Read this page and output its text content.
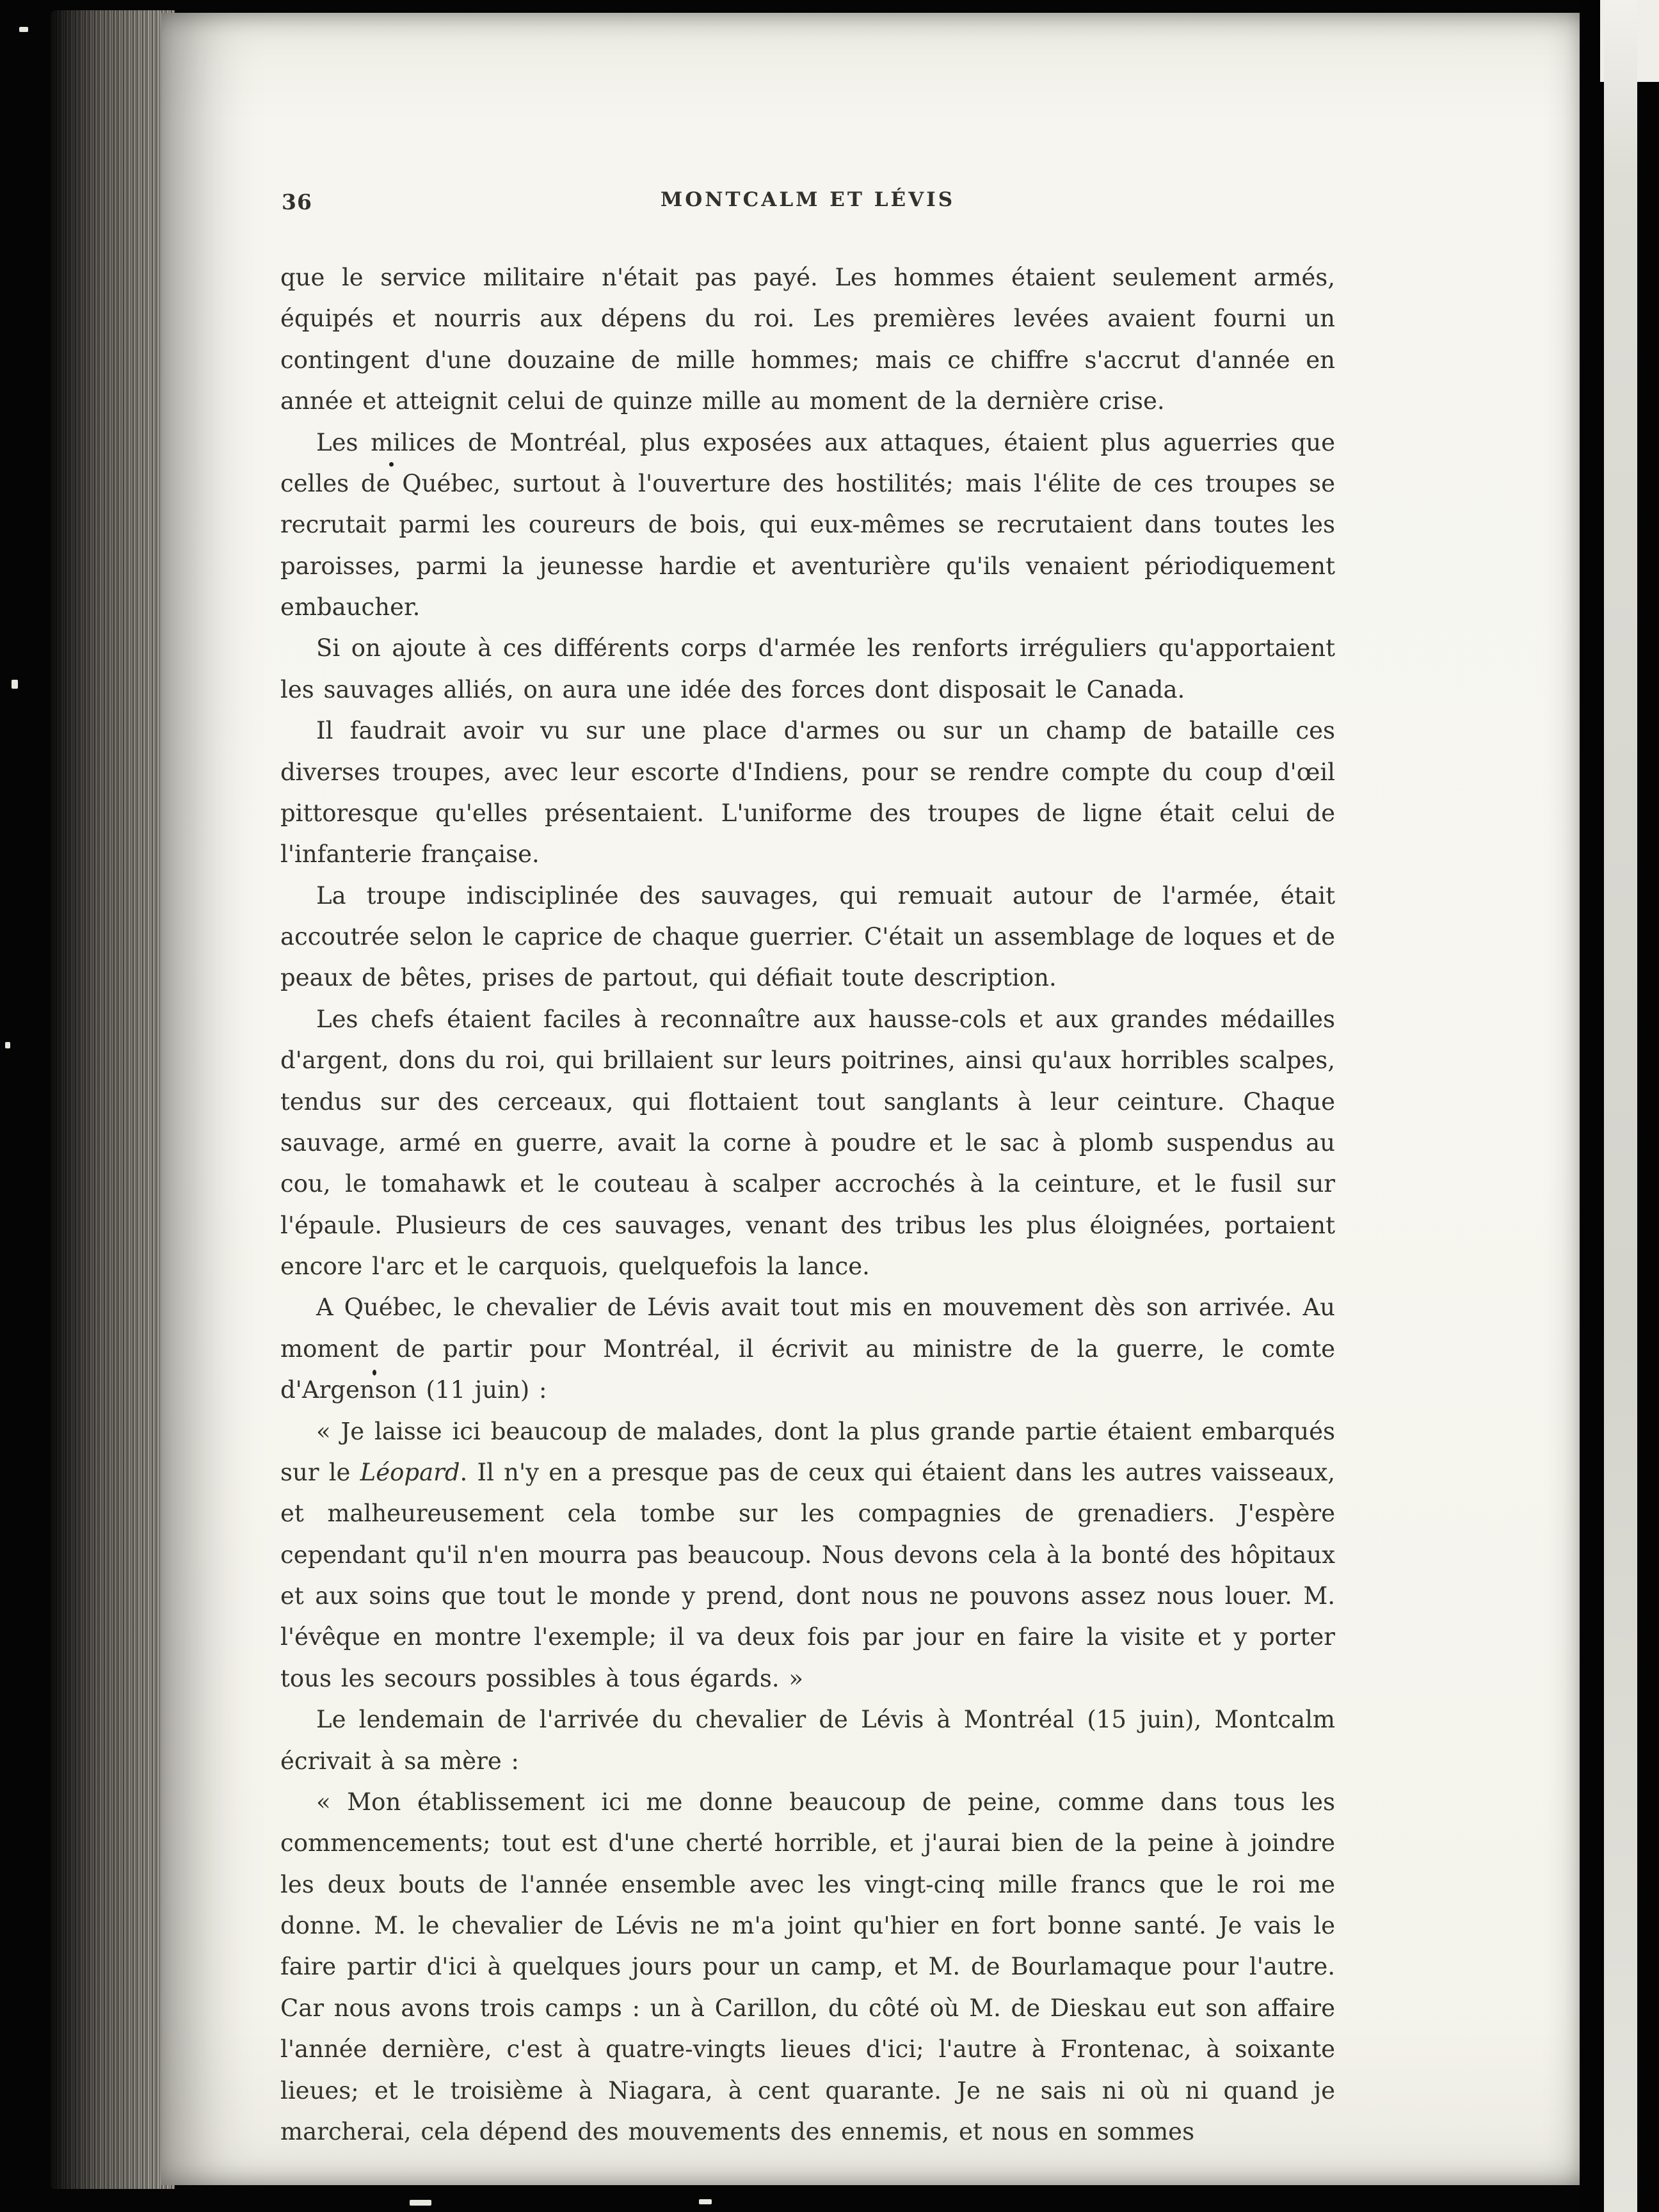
36	MONTCALM ET LÉVIS

que le service militaire n'était pas payé. Les hommes étaient seulement armés, équipés et nourris aux dépens du roi. Les premières levées avaient fourni un contingent d'une douzaine de mille hommes; mais ce chiffre s'accrut d'année en année et atteignit celui de quinze mille au moment de la dernière crise.

Les milices de Montréal, plus exposées aux attaques, étaient plus aguerries que celles de Québec, surtout à l'ouverture des hostilités; mais l'élite de ces troupes se recrutait parmi les coureurs de bois, qui eux-mêmes se recrutaient dans toutes les paroisses, parmi la jeunesse hardie et aventurière qu'ils venaient périodiquement embaucher.

Si on ajoute à ces différents corps d'armée les renforts irréguliers qu'apportaient les sauvages alliés, on aura une idée des forces dont disposait le Canada.

Il faudrait avoir vu sur une place d'armes ou sur un champ de bataille ces diverses troupes, avec leur escorte d'Indiens, pour se rendre compte du coup d'œil pittoresque qu'elles présentaient. L'uniforme des troupes de ligne était celui de l'infanterie française.

La troupe indisciplinée des sauvages, qui remuait autour de l'armée, était accoutrée selon le caprice de chaque guerrier. C'était un assemblage de loques et de peaux de bêtes, prises de partout, qui défiait toute description.

Les chefs étaient faciles à reconnaître aux hausse-cols et aux grandes médailles d'argent, dons du roi, qui brillaient sur leurs poitrines, ainsi qu'aux horribles scalpes, tendus sur des cerceaux, qui flottaient tout sanglants à leur ceinture. Chaque sauvage, armé en guerre, avait la corne à poudre et le sac à plomb suspendus au cou, le tomahawk et le couteau à scalper accrochés à la ceinture, et le fusil sur l'épaule. Plusieurs de ces sauvages, venant des tribus les plus éloignées, portaient encore l'arc et le carquois, quelquefois la lance.

A Québec, le chevalier de Lévis avait tout mis en mouvement dès son arrivée. Au moment de partir pour Montréal, il écrivit au ministre de la guerre, le comte d'Argenson (11 juin) :

« Je laisse ici beaucoup de malades, dont la plus grande partie étaient embarqués sur le Léopard. Il n'y en a presque pas de ceux qui étaient dans les autres vaisseaux, et malheureusement cela tombe sur les compagnies de grenadiers. J'espère cependant qu'il n'en mourra pas beaucoup. Nous devons cela à la bonté des hôpitaux et aux soins que tout le monde y prend, dont nous ne pouvons assez nous louer. M. l'évêque en montre l'exemple; il va deux fois par jour en faire la visite et y porter tous les secours possibles à tous égards. »

Le lendemain de l'arrivée du chevalier de Lévis à Montréal (15 juin), Montcalm écrivait à sa mère :

« Mon établissement ici me donne beaucoup de peine, comme dans tous les commencements; tout est d'une cherté horrible, et j'aurai bien de la peine à joindre les deux bouts de l'année ensemble avec les vingt-cinq mille francs que le roi me donne. M. le chevalier de Lévis ne m'a joint qu'hier en fort bonne santé. Je vais le faire partir d'ici à quelques jours pour un camp, et M. de Bourlamaque pour l'autre. Car nous avons trois camps : un à Carillon, du côté où M. de Dieskau eut son affaire l'année dernière, c'est à quatre-vingts lieues d'ici; l'autre à Frontenac, à soixante lieues; et le troisième à Niagara, à cent quarante. Je ne sais ni où ni quand je marcherai, cela dépend des mouvements des ennemis, et nous en sommes
